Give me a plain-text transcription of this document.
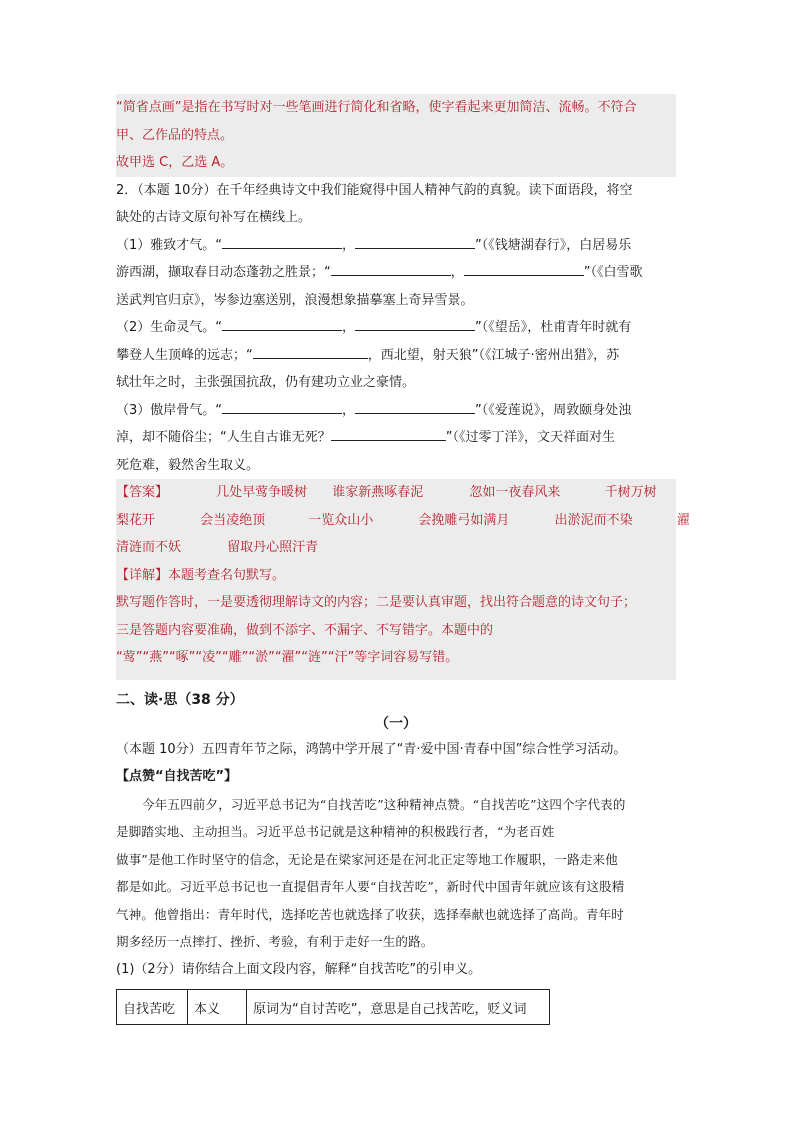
“简省点画”是指在书写时对一些笔画进行简化和省略，使字看起来更加简洁、流畅。不符合
甲、乙作品的特点。
故甲选 C，乙选 A。
2．（本题 10分）在千年经典诗文中我们能窥得中国人精神气韵的真貌。读下面语段，将空
缺处的古诗文原句补写在横线上。
（1）雅致才气。“	，	”（《钱塘湖春行》，白居易乐
游西湖，撷取春日动态蓬勃之胜景；“	，	”（《白雪歌
送武判官归京》，岑参边塞送别，浪漫想象描摹塞上奇异雪景。
（2）生命灵气。“	，	”（《望岳》，杜甫青年时就有
攀登人生顶峰的远志；“	，西北望，射天狼”（《江城子·密州出猎》，苏
轼壮年之时，主张强国抗敌，仍有建功立业之豪情。
（3）傲岸骨气。“	，	”（《爱莲说》，周敦颐身处浊
淖，却不随俗尘；“人生自古谁无死？	”（《过零丁洋》，文天祥面对生
死危难，毅然舍生取义。
【答案】	几处早莺争暖树 谁家新燕啄春泥	忽如一夜春风来	千树万树
梨花开	会当凌绝顶	一览众山小	会挽雕弓如满月	出淤泥而不染	濯
清涟而不妖	留取丹心照汗青
【详解】本题考查名句默写。
默写题作答时，一是要透彻理解诗文的内容；二是要认真审题，找出符合题意的诗文句子；
三是答题内容要准确，做到不添字、不漏字、不写错字。本题中的
“莺”“燕”“啄”“凌”“雕”“淤”“濯”“涟”“汗”等字词容易写错。
二、读·思（38 分）
（一）
（本题 10分）五四青年节之际，鸿鹄中学开展了“青·爱中国·青春中国”综合性学习活动。
【点赞“自找苦吃”】
今年五四前夕，习近平总书记为“自找苦吃”这种精神点赞。“自找苦吃”这四个字代表的
是脚踏实地、主动担当。习近平总书记就是这种精神的积极践行者，“为老百姓
做事”是他工作时坚守的信念，无论是在梁家河还是在河北正定等地工作履职，一路走来他
都是如此。习近平总书记也一直提倡青年人要“自找苦吃”，新时代中国青年就应该有这股精
气神。他曾指出：青年时代，选择吃苦也就选择了收获，选择奉献也就选择了高尚。青年时
期多经历一点摔打、挫折、考验，有利于走好一生的路。
(1)（2分）请你结合上面文段内容，解释“自找苦吃”的引申义。
自找苦吃	本义	原词为“自讨苦吃”，意思是自己找苦吃，贬义词
